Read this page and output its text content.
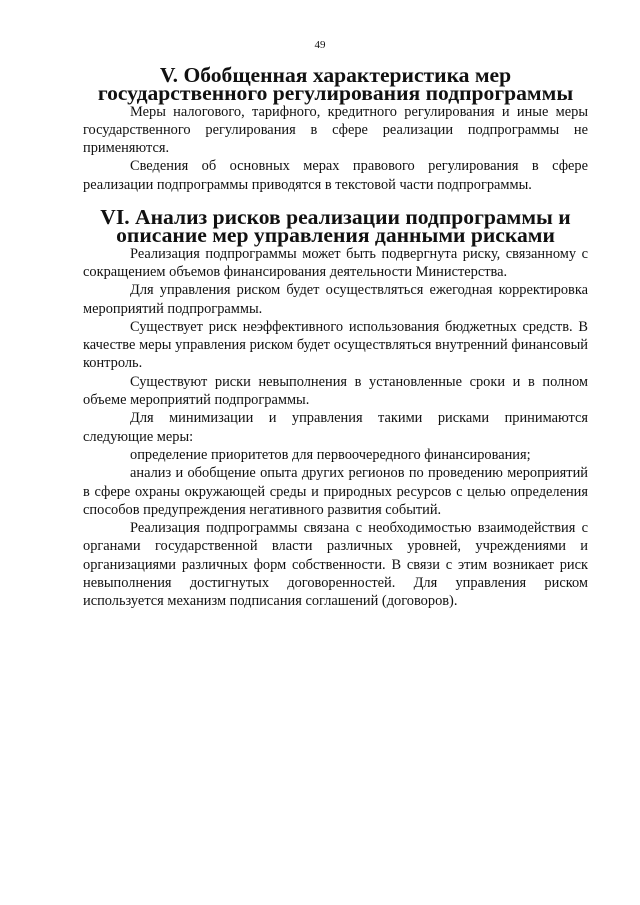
49
V. Обобщенная характеристика мер государственного регулирования подпрограммы

Меры налогового, тарифного, кредитного регулирования и иные меры государственного регулирования в сфере реализации подпрограммы не применяются.

Сведения об основных мерах правового регулирования в сфере реализации подпрограммы приводятся в текстовой части подпрограммы.

VI. Анализ рисков реализации подпрограммы и описание мер управления данными рисками

Реализация подпрограммы может быть подвергнута риску, связанному с сокращением объемов финансирования деятельности Министерства.

Для управления риском будет осуществляться ежегодная корректировка мероприятий подпрограммы.

Существует риск неэффективного использования бюджетных средств. В качестве меры управления риском будет осуществляться внутренний финансовый контроль.

Существуют риски невыполнения в установленные сроки и в полном объеме мероприятий подпрограммы.

Для минимизации и управления такими рисками принимаются следующие меры:

определение приоритетов для первоочередного финансирования;

анализ и обобщение опыта других регионов по проведению мероприятий в сфере охраны окружающей среды и природных ресурсов с целью определения способов предупреждения негативного развития событий.

Реализация подпрограммы связана с необходимостью взаимодействия с органами государственной власти различных уровней, учреждениями и организациями различных форм собственности. В связи с этим возникает риск невыполнения достигнутых договоренностей. Для управления риском используется механизм подписания соглашений (договоров).
